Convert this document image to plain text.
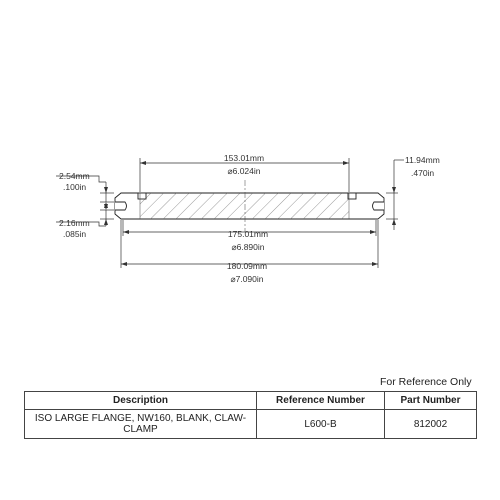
153.01mm
⌀6.024in
175.01mm
⌀6.890in
180.09mm
⌀7.090in
11.94mm
.470in
2.54mm
.100in
2.16mm
.085in
For Reference Only
Description	Reference Number	Part Number
ISO LARGE FLANGE, NW160, BLANK, CLAW-CLAMP	L600-B	812002
